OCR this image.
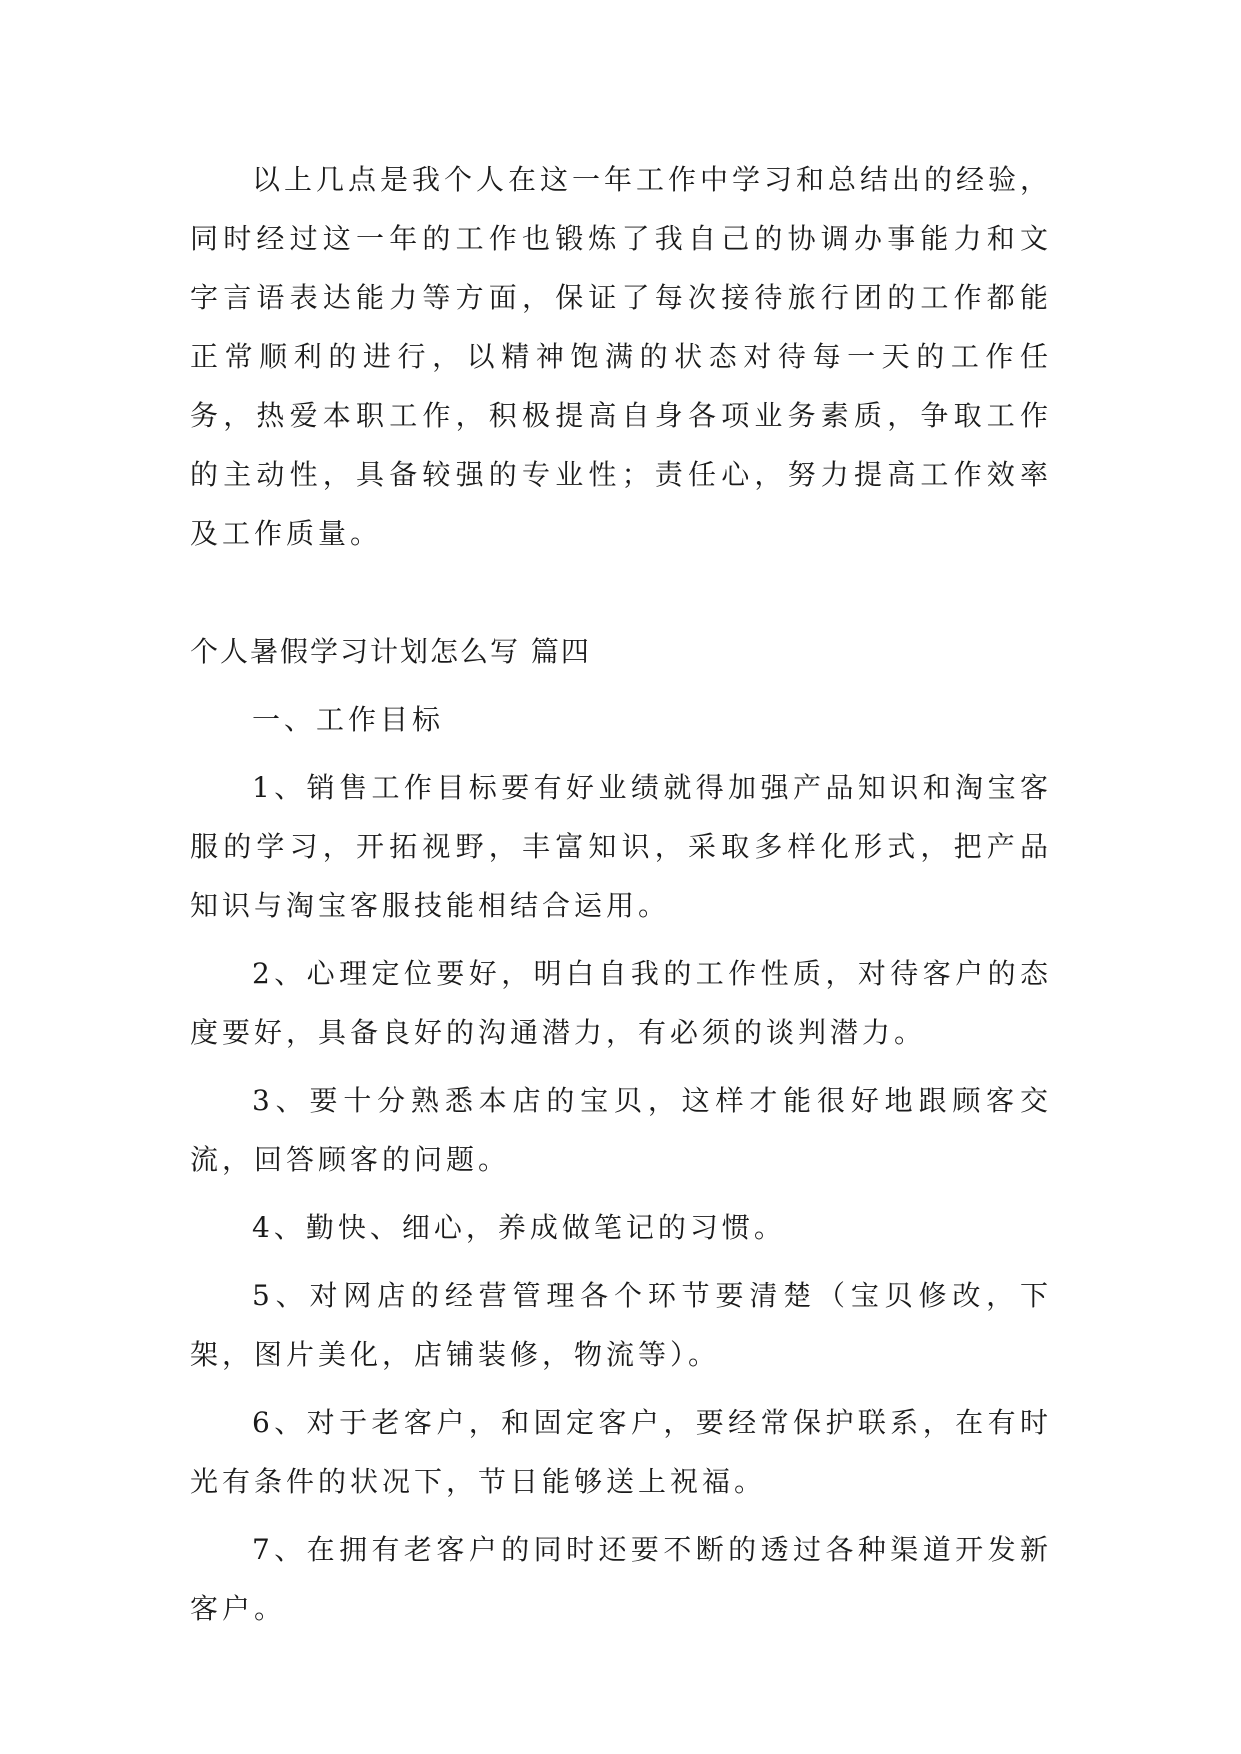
以上几点是我个人在这一年工作中学习和总结出的经验，同时经过这一年的工作也锻炼了我自己的协调办事能力和文字言语表达能力等方面，保证了每次接待旅行团的工作都能正常顺利的进行，以精神饱满的状态对待每一天的工作任务，热爱本职工作，积极提高自身各项业务素质，争取工作的主动性，具备较强的专业性；责任心，努力提高工作效率及工作质量。

个人暑假学习计划怎么写 篇四

一、工作目标

1、销售工作目标要有好业绩就得加强产品知识和淘宝客服的学习，开拓视野，丰富知识，采取多样化形式，把产品知识与淘宝客服技能相结合运用。

2、心理定位要好，明白自我的工作性质，对待客户的态度要好，具备良好的沟通潜力，有必须的谈判潜力。

3、要十分熟悉本店的宝贝，这样才能很好地跟顾客交流，回答顾客的问题。

4、勤快、细心，养成做笔记的习惯。

5、对网店的经营管理各个环节要清楚（宝贝修改，下架，图片美化，店铺装修，物流等）。

6、对于老客户，和固定客户，要经常保护联系，在有时光有条件的状况下，节日能够送上祝福。

7、在拥有老客户的同时还要不断的透过各种渠道开发新客户。
